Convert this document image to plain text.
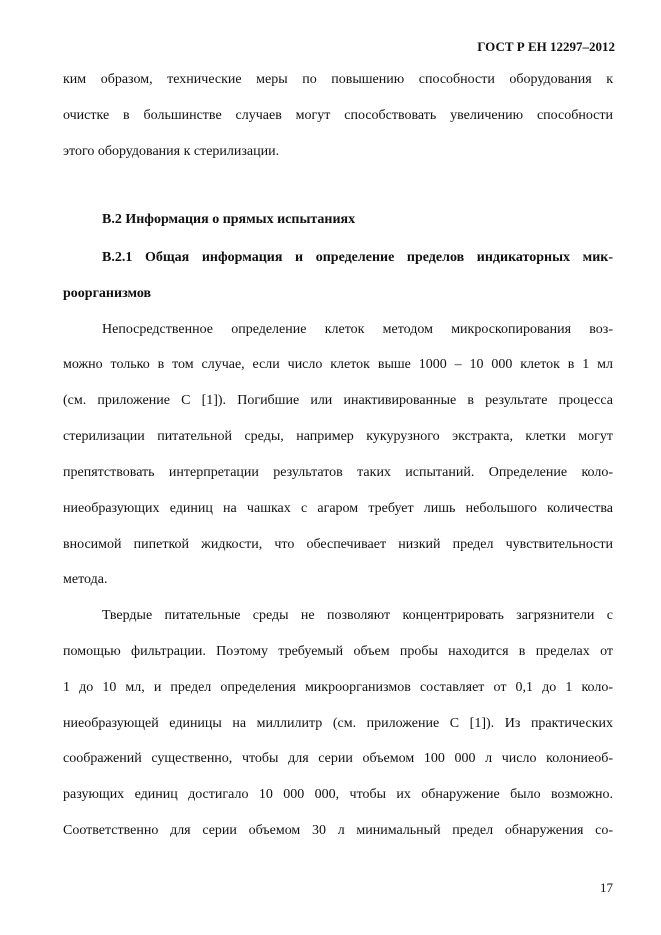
ГОСТ Р ЕН 12297–2012
ким образом, технические меры по повышению способности оборудования к
очистке в большинстве случаев могут способствовать увеличению способности
этого оборудования к стерилизации.
В.2 Информация о прямых испытаниях
В.2.1 Общая информация и определение пределов индикаторных мик-
роорганизмов
Непосредственное определение клеток методом микроскопирования воз-
можно только в том случае, если число клеток выше 1000 – 10 000 клеток в 1 мл
(см. приложение С [1]). Погибшие или инактивированные в результате процесса
стерилизации питательной среды, например кукурузного экстракта, клетки могут
препятствовать интерпретации результатов таких испытаний. Определение коло-
ниеобразующих единиц на чашках с агаром требует лишь небольшого количества
вносимой пипеткой жидкости, что обеспечивает низкий предел чувствительности
метода.
Твердые питательные среды не позволяют концентрировать загрязнители с
помощью фильтрации. Поэтому требуемый объем пробы находится в пределах от
1 до 10 мл, и предел определения микроорганизмов составляет от 0,1 до 1 коло-
ниеобразующей единицы на миллилитр (см. приложение С [1]). Из практических
соображений существенно, чтобы для серии объемом 100 000 л число колониеоб-
разующих единиц достигало 10 000 000, чтобы их обнаружение было возможно.
Соответственно для серии объемом 30 л минимальный предел обнаружения со-
17
